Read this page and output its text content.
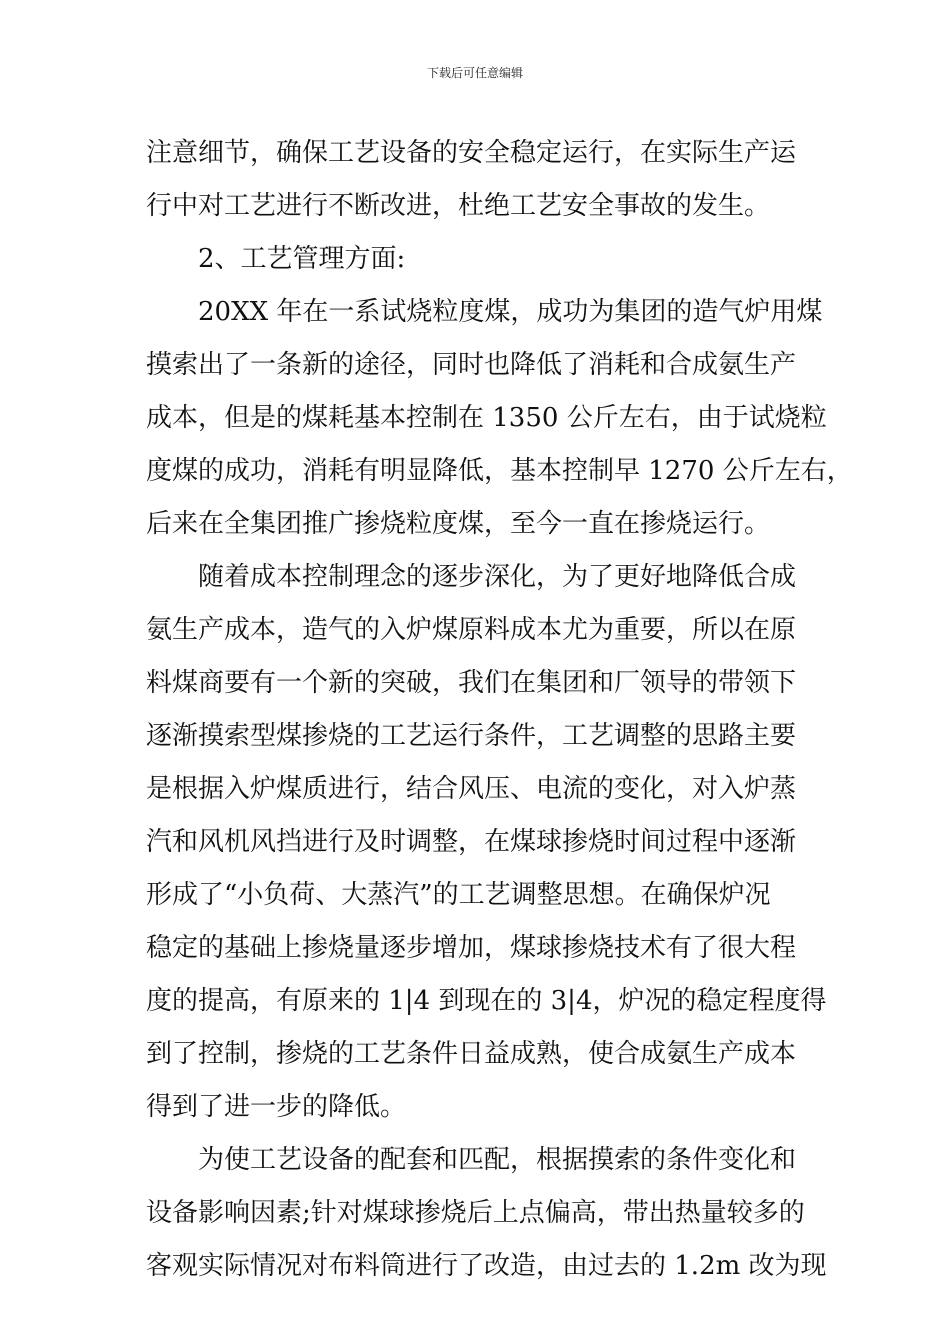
下载后可任意编辑
注意细节，确保工艺设备的安全稳定运行，在实际生产运
行中对工艺进行不断改进，杜绝工艺安全事故的发生。
2、工艺管理方面:
20XX 年在一系试烧粒度煤，成功为集团的造气炉用煤
摸索出了一条新的途径，同时也降低了消耗和合成氨生产
成本，但是的煤耗基本控制在 1350 公斤左右，由于试烧粒
度煤的成功，消耗有明显降低，基本控制早 1270 公斤左右，
后来在全集团推广掺烧粒度煤，至今一直在掺烧运行。
随着成本控制理念的逐步深化，为了更好地降低合成
氨生产成本，造气的入炉煤原料成本尤为重要，所以在原
料煤商要有一个新的突破，我们在集团和厂领导的带领下
逐渐摸索型煤掺烧的工艺运行条件，工艺调整的思路主要
是根据入炉煤质进行，结合风压、电流的变化，对入炉蒸
汽和风机风挡进行及时调整，在煤球掺烧时间过程中逐渐
形成了“小负荷、大蒸汽”的工艺调整思想。在确保炉况
稳定的基础上掺烧量逐步增加，煤球掺烧技术有了很大程
度的提高，有原来的 1|4 到现在的 3|4，炉况的稳定程度得
到了控制，掺烧的工艺条件日益成熟，使合成氨生产成本
得到了进一步的降低。
为使工艺设备的配套和匹配，根据摸索的条件变化和
设备影响因素;针对煤球掺烧后上点偏高，带出热量较多的
客观实际情况对布料筒进行了改造，由过去的 1.2m 改为现
